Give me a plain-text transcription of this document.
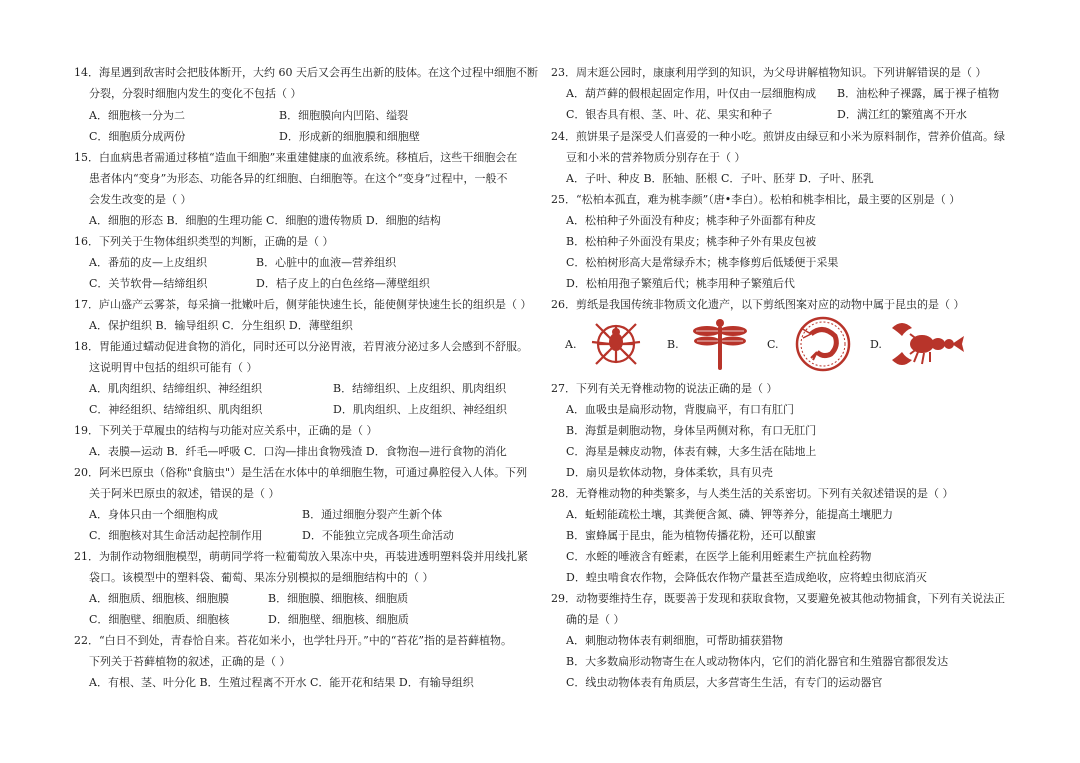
14．海星遇到敌害时会把肢体断开，大约 60 天后又会再生出新的肢体。在这个过程中细胞不断
分裂，分裂时细胞内发生的变化不包括（ ）
A．细胞核一分为二	B．细胞膜向内凹陷、缢裂
C．细胞质分成两份	D．形成新的细胞膜和细胞壁
15．白血病患者需通过移植“造血干细胞”来重建健康的血液系统。移植后，这些干细胞会在
患者体内“变身”为形态、功能各异的红细胞、白细胞等。在这个“变身”过程中，一般不
会发生改变的是（ ）
A．细胞的形态 B．细胞的生理功能 C．细胞的遗传物质 D．细胞的结构
16．下列关于生物体组织类型的判断，正确的是（ ）
A．番茄的皮—上皮组织	B．心脏中的血液—营养组织
C．关节软骨—结缔组织	D．桔子皮上的白色丝络—薄壁组织
17．庐山盛产云雾茶，每采摘一批嫩叶后，侧芽能快速生长，能使侧芽快速生长的组织是（ ）
A．保护组织 B．输导组织 C．分生组织 D．薄壁组织
18．胃能通过蠕动促进食物的消化，同时还可以分泌胃液，若胃液分泌过多人会感到不舒服。
这说明胃中包括的组织可能有（ ）
A．肌肉组织、结缔组织、神经组织	B．结缔组织、上皮组织、肌肉组织
C．神经组织、结缔组织、肌肉组织	D．肌肉组织、上皮组织、神经组织
19．下列关于草履虫的结构与功能对应关系中，正确的是（ ）
A．表膜—运动 B．纤毛—呼吸 C．口沟—排出食物残渣 D．食物泡—进行食物的消化
20．阿米巴原虫（俗称"食脑虫"）是生活在水体中的单细胞生物，可通过鼻腔侵入人体。下列
关于阿米巴原虫的叙述，错误的是（ ）
A．身体只由一个细胞构成	B．通过细胞分裂产生新个体
C．细胞核对其生命活动起控制作用	D．不能独立完成各项生命活动
21．为制作动物细胞模型，萌萌同学将一粒葡萄放入果冻中央，再装进透明塑料袋并用线扎紧
袋口。该模型中的塑料袋、葡萄、果冻分别模拟的是细胞结构中的（ ）
A．细胞质、细胞核、细胞膜	B．细胞膜、细胞核、细胞质
C．细胞壁、细胞质、细胞核	D．细胞壁、细胞核、细胞质
22．“白日不到处，青春恰自来。苔花如米小，也学牡丹开。”中的“苔花”指的是苔藓植物。
下列关于苔藓植物的叙述，正确的是（ ）
A．有根、茎、叶分化 B．生殖过程离不开水 C．能开花和结果 D．有输导组织
A.	B.	C.	D.
23．周末逛公园时，康康利用学到的知识，为父母讲解植物知识。下列讲解错误的是（ ）
A．葫芦藓的假根起固定作用，叶仅由一层细胞构成 B．油松种子裸露，属于裸子植物
C．银杏具有根、茎、叶、花、果实和种子	D．满江红的繁殖离不开水
24．煎饼果子是深受人们喜爱的一种小吃。煎饼皮由绿豆和小米为原料制作，营养价值高。绿
豆和小米的营养物质分别存在于（ ）
A．子叶、种皮 B．胚轴、胚根 C．子叶、胚芽 D．子叶、胚乳
25．“松柏本孤直，难为桃李颜”（唐•李白）。松柏和桃李相比，最主要的区别是（ ）
A．松柏种子外面没有种皮；桃李种子外面都有种皮
B．松柏种子外面没有果皮；桃李种子外有果皮包被
C．松柏树形高大是常绿乔木；桃李修剪后低矮便于采果
D．松柏用孢子繁殖后代；桃李用种子繁殖后代
26．剪纸是我国传统非物质文化遗产，以下剪纸图案对应的动物中属于昆虫的是（ ）
27．下列有关无脊椎动物的说法正确的是（ ）
A．血吸虫是扁形动物，背腹扁平，有口有肛门
B．海蜇是刺胞动物，身体呈两侧对称，有口无肛门
C．海星是棘皮动物，体表有棘，大多生活在陆地上
D．扇贝是软体动物，身体柔软，具有贝壳
28．无脊椎动物的种类繁多，与人类生活的关系密切。下列有关叙述错误的是（ ）
A．蚯蚓能疏松土壤，其粪便含氮、磷、钾等养分，能提高土壤肥力
B．蜜蜂属于昆虫，能为植物传播花粉，还可以酿蜜
C．水蛭的唾液含有蛭素，在医学上能利用蛭素生产抗血栓药物
D．蝗虫啃食农作物，会降低农作物产量甚至造成绝收，应将蝗虫彻底消灭
29．动物要维持生存，既要善于发现和获取食物，又要避免被其他动物捕食，下列有关说法正
确的是（ ）
A．刺胞动物体表有刺细胞，可帮助捕获猎物
B．大多数扁形动物寄生在人或动物体内，它们的消化器官和生殖器官都很发达
C．线虫动物体表有角质层，大多营寄生生活，有专门的运动器官
